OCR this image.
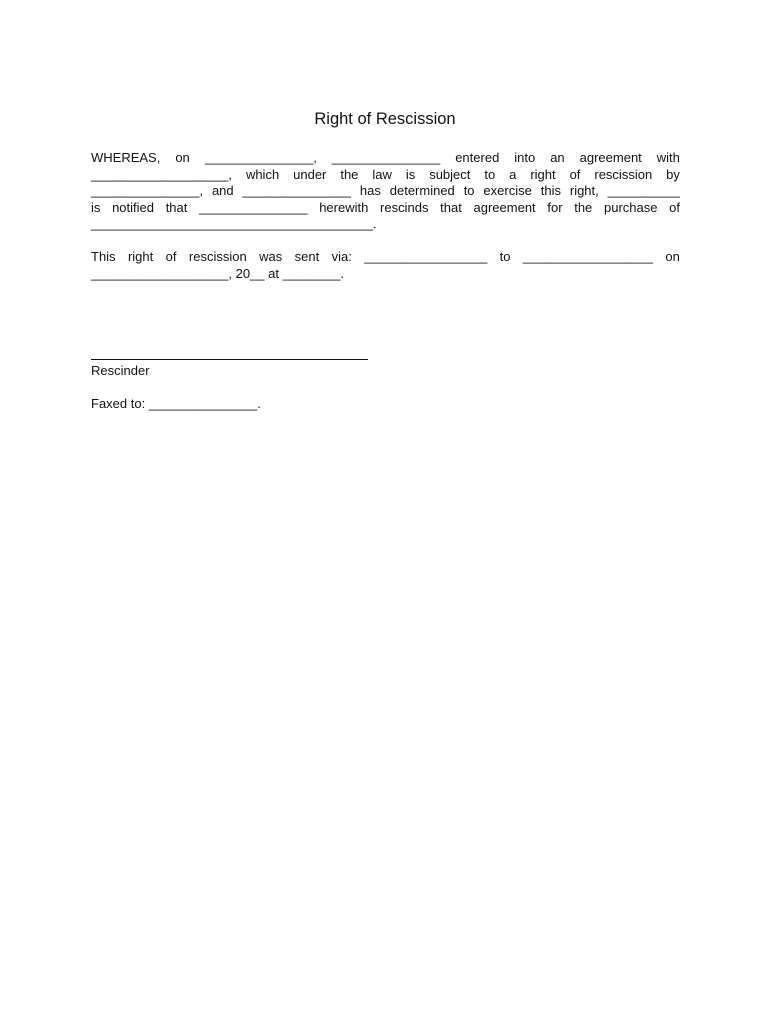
Right of Rescission
WHEREAS, on _______________, _______________ entered into an agreement with
___________________, which under the law is subject to a right of rescission by
_______________, and _______________ has determined to exercise this right, __________
is notified that _______________ herewith rescinds that agreement for the purchase of
_______________________________________.
This right of rescission was sent via: _________________ to __________________ on
___________________, 20__ at ________.
Rescinder
Faxed to: _______________.
